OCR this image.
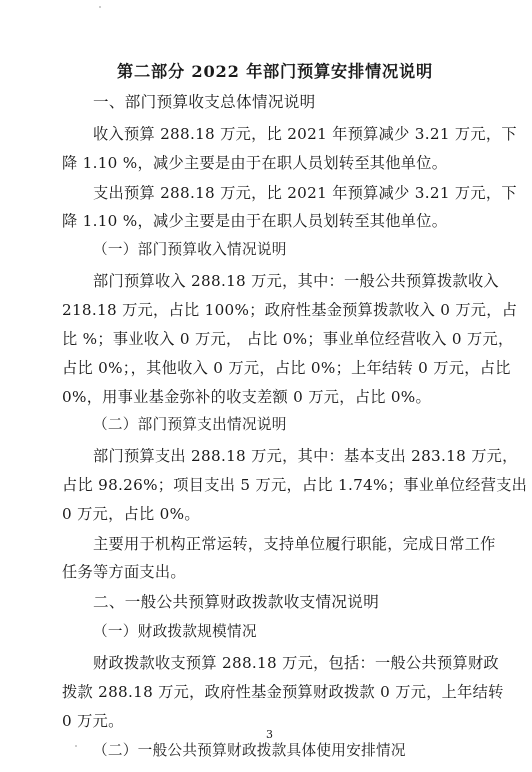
第二部分 2022 年部门预算安排情况说明
一、部门预算收支总体情况说明
收入预算 288.18 万元，比 2021 年预算减少 3.21 万元，下
降 1.10 %，减少主要是由于在职人员划转至其他单位。
支出预算 288.18 万元，比 2021 年预算减少 3.21 万元，下
降 1.10 %，减少主要是由于在职人员划转至其他单位。
（一）部门预算收入情况说明
部门预算收入 288.18 万元，其中：一般公共预算拨款收入
218.18 万元，占比 100%；政府性基金预算拨款收入 0 万元，占
比 %；事业收入 0 万元， 占比 0%；事业单位经营收入 0 万元，
占比 0%；，其他收入 0 万元，占比 0%；上年结转 0 万元，占比
0%，用事业基金弥补的收支差额 0 万元，占比 0%。
（二）部门预算支出情况说明
部门预算支出 288.18 万元，其中：基本支出 283.18 万元，
占比 98.26%；项目支出 5 万元，占比 1.74%；事业单位经营支出
0 万元，占比 0%。
主要用于机构正常运转，支持单位履行职能，完成日常工作
任务等方面支出。
二、一般公共预算财政拨款收支情况说明
（一）财政拨款规模情况
财政拨款收支预算 288.18 万元，包括：一般公共预算财政
拨款 288.18 万元，政府性基金预算财政拨款 0 万元，上年结转
0 万元。
（二）一般公共预算财政拨款具体使用安排情况
3
